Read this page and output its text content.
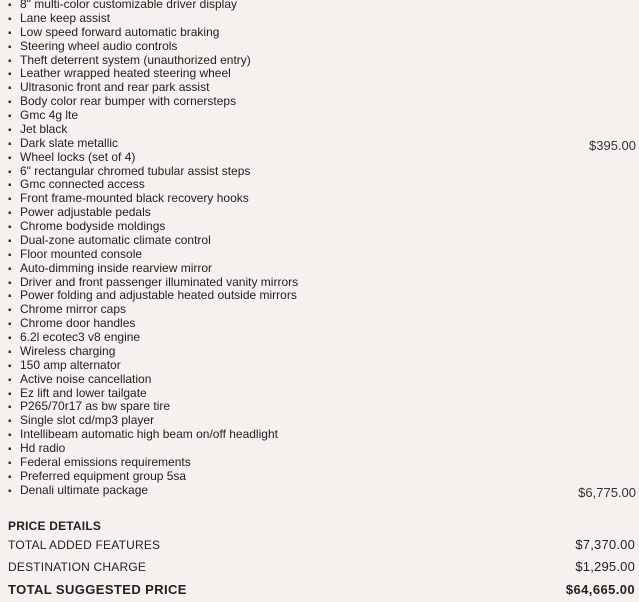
▪ 8" multi-color customizable driver display
▪ Lane keep assist
▪ Low speed forward automatic braking
▪ Steering wheel audio controls
▪ Theft deterrent system (unauthorized entry)
▪ Leather wrapped heated steering wheel
▪ Ultrasonic front and rear park assist
▪ Body color rear bumper with cornersteps
▪ Gmc 4g lte
▪ Jet black
▪ Dark slate metallic	$395.00
▪ Wheel locks (set of 4)
▪ 6" rectangular chromed tubular assist steps
▪ Gmc connected access
▪ Front frame-mounted black recovery hooks
▪ Power adjustable pedals
▪ Chrome bodyside moldings
▪ Dual-zone automatic climate control
▪ Floor mounted console
▪ Auto-dimming inside rearview mirror
▪ Driver and front passenger illuminated vanity mirrors
▪ Power folding and adjustable heated outside mirrors
▪ Chrome mirror caps
▪ Chrome door handles
▪ 6.2l ecotec3 v8 engine
▪ Wireless charging
▪ 150 amp alternator
▪ Active noise cancellation
▪ Ez lift and lower tailgate
▪ P265/70r17 as bw spare tire
▪ Single slot cd/mp3 player
▪ Intellibeam automatic high beam on/off headlight
▪ Hd radio
▪ Federal emissions requirements
▪ Preferred equipment group 5sa
▪ Denali ultimate package	$6,775.00
PRICE DETAILS
TOTAL ADDED FEATURES	$7,370.00
DESTINATION CHARGE	$1,295.00
TOTAL SUGGESTED PRICE	$64,665.00
